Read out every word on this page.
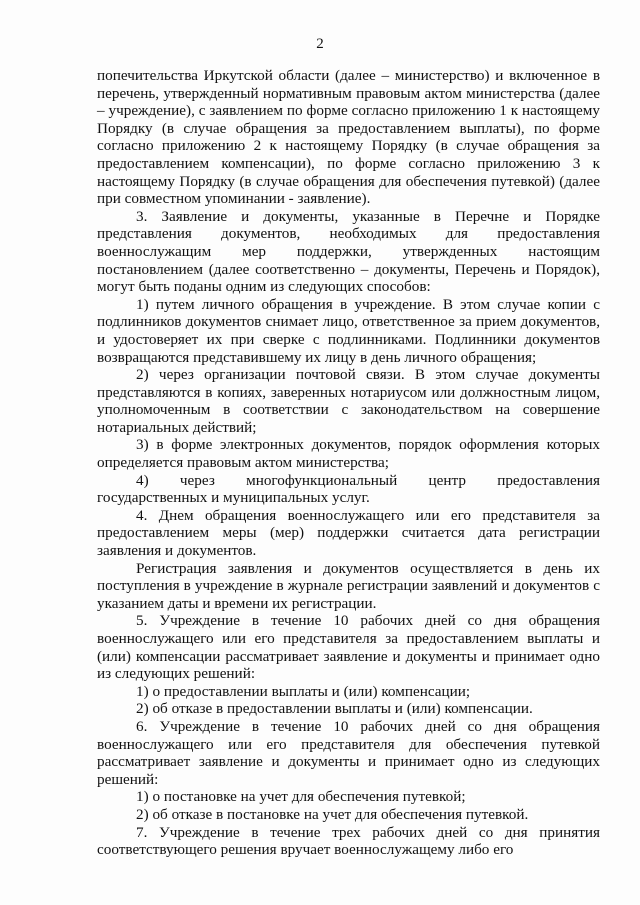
2

попечительства Иркутской области (далее – министерство) и включенное в перечень, утвержденный нормативным правовым актом министерства (далее – учреждение), с заявлением по форме согласно приложению 1 к настоящему Порядку (в случае обращения за предоставлением выплаты), по форме согласно приложению 2 к настоящему Порядку (в случае обращения за предоставлением компенсации), по форме согласно приложению 3 к настоящему Порядку (в случае обращения для обеспечения путевкой) (далее при совместном упоминании - заявление).

3. Заявление и документы, указанные в Перечне и Порядке представления документов, необходимых для предоставления военнослужащим мер поддержки, утвержденных настоящим постановлением (далее соответственно – документы, Перечень и Порядок), могут быть поданы одним из следующих способов:

1) путем личного обращения в учреждение. В этом случае копии с подлинников документов снимает лицо, ответственное за прием документов, и удостоверяет их при сверке с подлинниками. Подлинники документов возвращаются представившему их лицу в день личного обращения;

2) через организации почтовой связи. В этом случае документы представляются в копиях, заверенных нотариусом или должностным лицом, уполномоченным в соответствии с законодательством на совершение нотариальных действий;

3) в форме электронных документов, порядок оформления которых определяется правовым актом министерства;

4) через многофункциональный центр предоставления государственных и муниципальных услуг.

4. Днем обращения военнослужащего или его представителя за предоставлением меры (мер) поддержки считается дата регистрации заявления и документов.

Регистрация заявления и документов осуществляется в день их поступления в учреждение в журнале регистрации заявлений и документов с указанием даты и времени их регистрации.

5. Учреждение в течение 10 рабочих дней со дня обращения военнослужащего или его представителя за предоставлением выплаты и (или) компенсации рассматривает заявление и документы и принимает одно из следующих решений:

1) о предоставлении выплаты и (или) компенсации;

2) об отказе в предоставлении выплаты и (или) компенсации.

6. Учреждение в течение 10 рабочих дней со дня обращения военнослужащего или его представителя для обеспечения путевкой рассматривает заявление и документы и принимает одно из следующих решений:

1) о постановке на учет для обеспечения путевкой;

2) об отказе в постановке на учет для обеспечения путевкой.

7. Учреждение в течение трех рабочих дней со дня принятия соответствующего решения вручает военнослужащему либо его
